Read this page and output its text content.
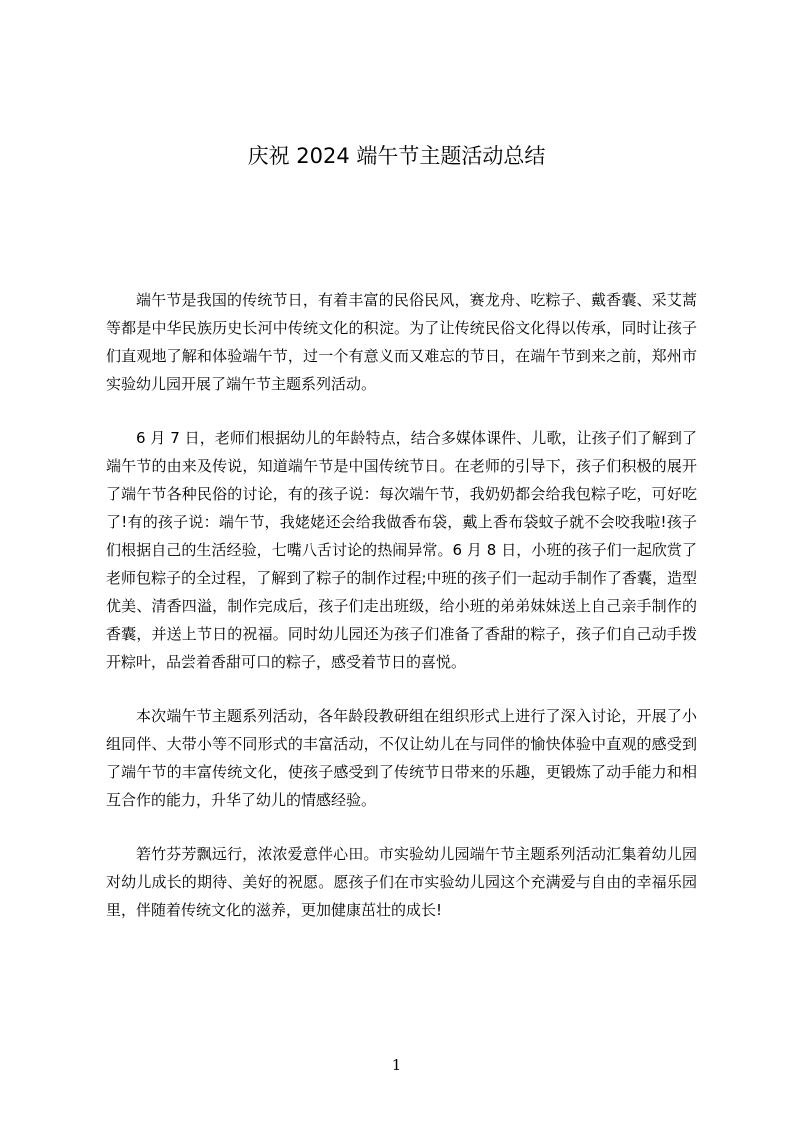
庆祝 2024 端午节主题活动总结

端午节是我国的传统节日，有着丰富的民俗民风，赛龙舟、吃粽子、戴香囊、采艾蒿等都是中华民族历史长河中传统文化的积淀。为了让传统民俗文化得以传承，同时让孩子们直观地了解和体验端午节，过一个有意义而又难忘的节日，在端午节到来之前，郑州市实验幼儿园开展了端午节主题系列活动。

6 月 7 日，老师们根据幼儿的年龄特点，结合多媒体课件、儿歌，让孩子们了解到了端午节的由来及传说，知道端午节是中国传统节日。在老师的引导下，孩子们积极的展开了端午节各种民俗的讨论，有的孩子说：每次端午节，我奶奶都会给我包粽子吃，可好吃了!有的孩子说：端午节，我姥姥还会给我做香布袋，戴上香布袋蚊子就不会咬我啦!孩子们根据自己的生活经验，七嘴八舌讨论的热闹异常。6 月 8 日，小班的孩子们一起欣赏了老师包粽子的全过程，了解到了粽子的制作过程;中班的孩子们一起动手制作了香囊，造型优美、清香四溢，制作完成后，孩子们走出班级，给小班的弟弟妹妹送上自己亲手制作的香囊，并送上节日的祝福。同时幼儿园还为孩子们准备了香甜的粽子，孩子们自己动手拨开粽叶，品尝着香甜可口的粽子，感受着节日的喜悦。

本次端午节主题系列活动，各年龄段教研组在组织形式上进行了深入讨论，开展了小组同伴、大带小等不同形式的丰富活动，不仅让幼儿在与同伴的愉快体验中直观的感受到了端午节的丰富传统文化，使孩子感受到了传统节日带来的乐趣，更锻炼了动手能力和相互合作的能力，升华了幼儿的情感经验。

箬竹芬芳飘远行，浓浓爱意伴心田。市实验幼儿园端午节主题系列活动汇集着幼儿园对幼儿成长的期待、美好的祝愿。愿孩子们在市实验幼儿园这个充满爱与自由的幸福乐园里，伴随着传统文化的滋养，更加健康茁壮的成长!

1
